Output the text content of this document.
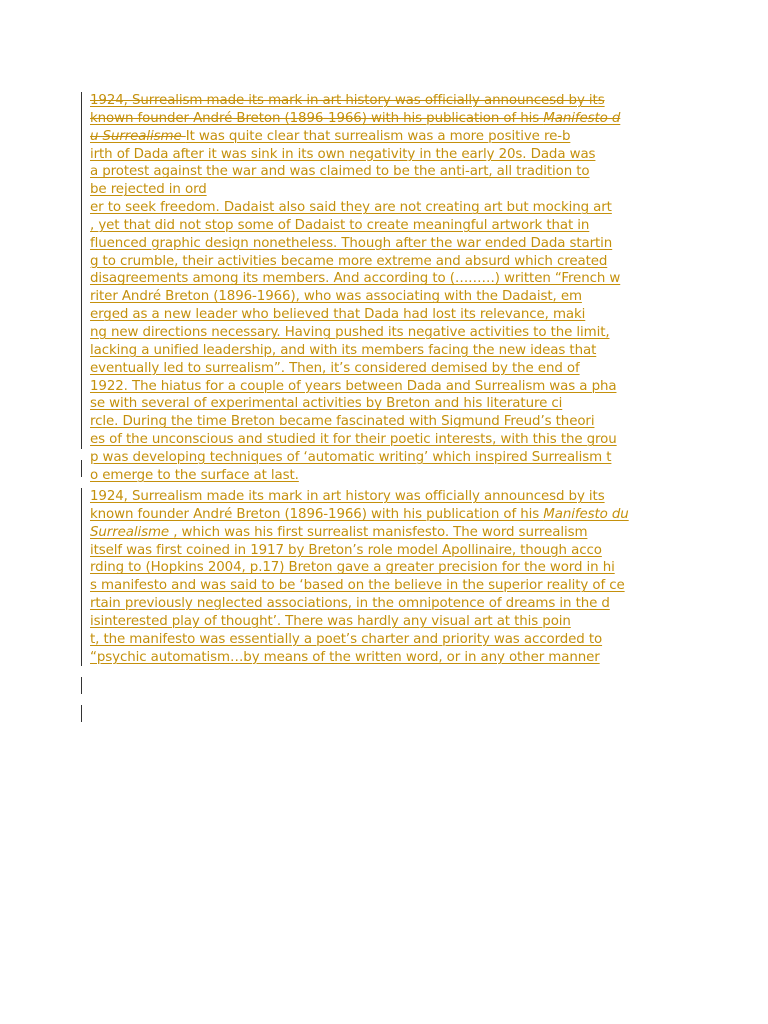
1924, Surrealism made its mark in art history was officially announcesd by its
known founder André Breton (1896-1966) with his publication of his Manifesto d
u Surrealisme It was quite clear that surrealism was a more positive re-b
irth of Dada after it was sink in its own negativity in the early 20s. Dada was
a protest against the war and was claimed to be the anti-art, all tradition to
be rejected in ord
er to seek freedom. Dadaist also said they are not creating art but mocking art
, yet that did not stop some of Dadaist to create meaningful artwork that in
fluenced graphic design nonetheless. Though after the war ended Dada startin
g to crumble, their activities became more extreme and absurd which created
disagreements among its members. And according to (………) written “French w
riter André Breton (1896-1966), who was associating with the Dadaist, em
erged as a new leader who believed that Dada had lost its relevance, maki
ng new directions necessary. Having pushed its negative activities to the limit,
lacking a unified leadership, and with its members facing the new ideas that
eventually led to surrealism”. Then, it’s considered demised by the end of
1922. The hiatus for a couple of years between Dada and Surrealism was a pha
se with several of experimental activities by Breton and his literature ci
rcle. During the time Breton became fascinated with Sigmund Freud’s theori
es of the unconscious and studied it for their poetic interests, with this the grou
p was developing techniques of ‘automatic writing’ which inspired Surrealism t
o emerge to the surface at last.
1924, Surrealism made its mark in art history was officially announcesd by its
known founder André Breton (1896-1966) with his publication of his Manifesto du
Surrealisme , which was his first surrealist manisfesto. The word surrealism
itself was first coined in 1917 by Breton’s role model Apollinaire, though acco
rding to (Hopkins 2004, p.17) Breton gave a greater precision for the word in hi
s manifesto and was said to be ‘based on the believe in the superior reality of ce
rtain previously neglected associations, in the omnipotence of dreams in the d
isinterested play of thought’. There was hardly any visual art at this poin
t, the manifesto was essentially a poet’s charter and priority was accorded to
“psychic automatism…by means of the written word, or in any other manner
